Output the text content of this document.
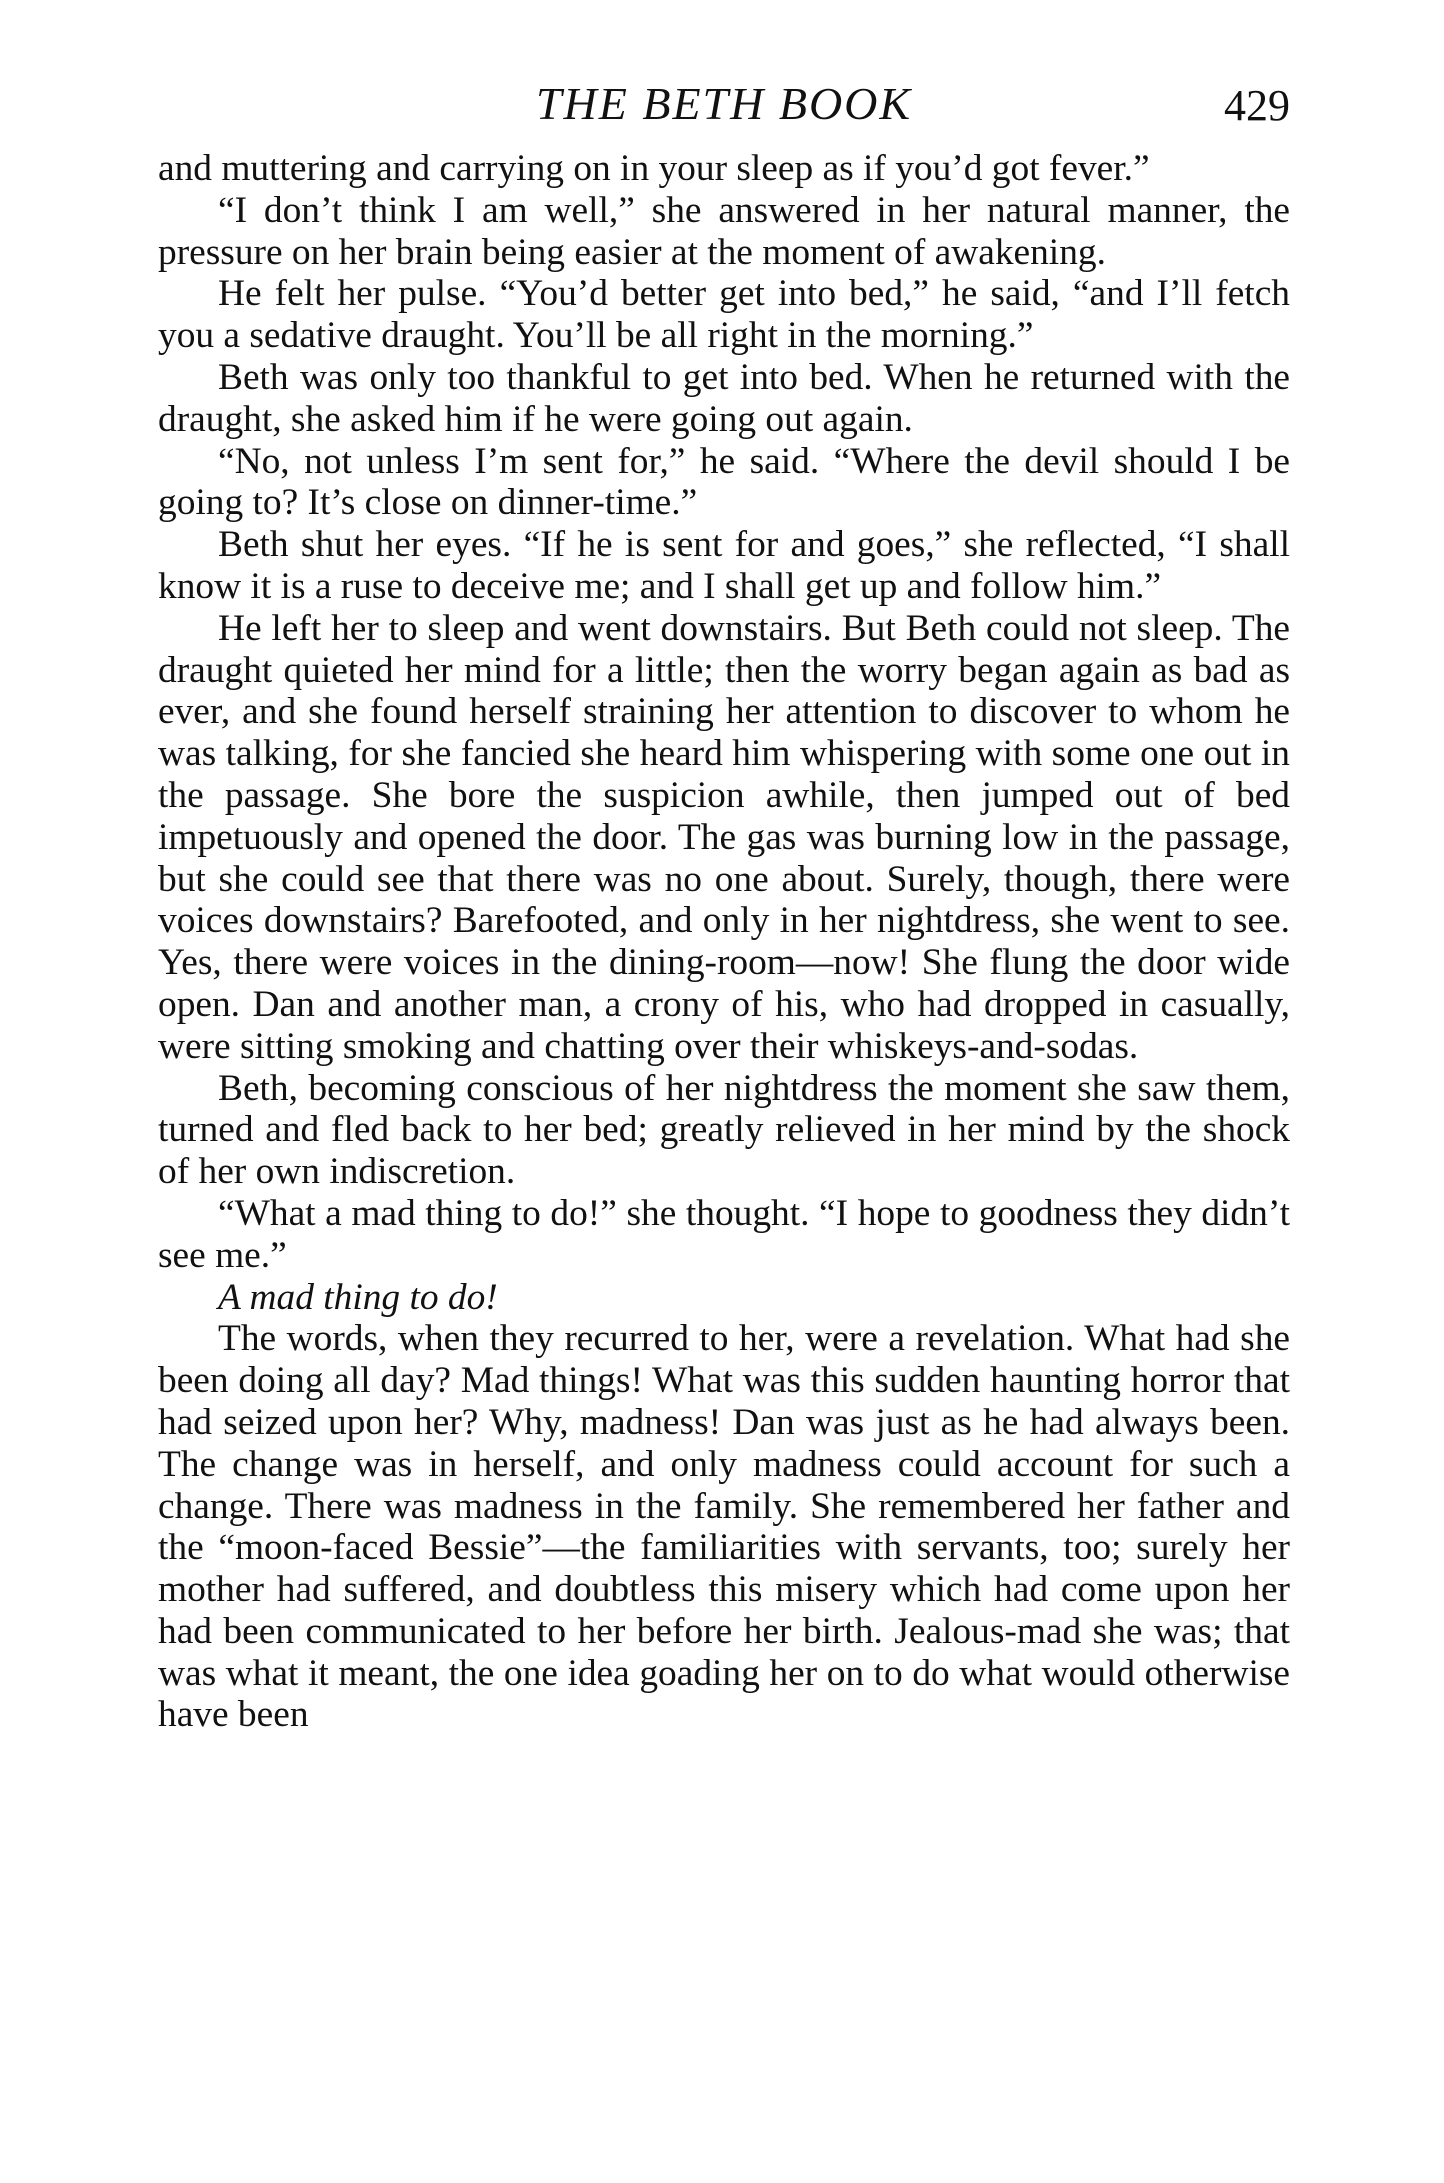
THE BETH BOOK	429

and muttering and carrying on in your sleep as if you’d got fever.”

“I don’t think I am well,” she answered in her natural manner, the pressure on her brain being easier at the moment of awakening.

He felt her pulse. “You’d better get into bed,” he said, “and I’ll fetch you a sedative draught. You’ll be all right in the morning.”

Beth was only too thankful to get into bed. When he returned with the draught, she asked him if he were going out again.

“No, not unless I’m sent for,” he said. “Where the devil should I be going to? It’s close on dinner-time.”

Beth shut her eyes. “If he is sent for and goes,” she reflected, “I shall know it is a ruse to deceive me; and I shall get up and follow him.”

He left her to sleep and went downstairs. But Beth could not sleep. The draught quieted her mind for a little; then the worry began again as bad as ever, and she found herself straining her attention to discover to whom he was talking, for she fancied she heard him whispering with some one out in the passage. She bore the suspicion awhile, then jumped out of bed impetuously and opened the door. The gas was burning low in the passage, but she could see that there was no one about. Surely, though, there were voices downstairs? Barefooted, and only in her nightdress, she went to see. Yes, there were voices in the dining-room—now! She flung the door wide open. Dan and another man, a crony of his, who had dropped in casually, were sitting smoking and chatting over their whiskeys-and-sodas.

Beth, becoming conscious of her nightdress the moment she saw them, turned and fled back to her bed; greatly relieved in her mind by the shock of her own indiscretion.

“What a mad thing to do!” she thought. “I hope to goodness they didn’t see me.”

A mad thing to do!

The words, when they recurred to her, were a revelation. What had she been doing all day? Mad things! What was this sudden haunting horror that had seized upon her? Why, madness! Dan was just as he had always been. The change was in herself, and only madness could account for such a change. There was madness in the family. She remembered her father and the “moon-faced Bessie”—the familiarities with servants, too; surely her mother had suffered, and doubtless this misery which had come upon her had been communicated to her before her birth. Jealous-mad she was; that was what it meant, the one idea goading her on to do what would otherwise have been
